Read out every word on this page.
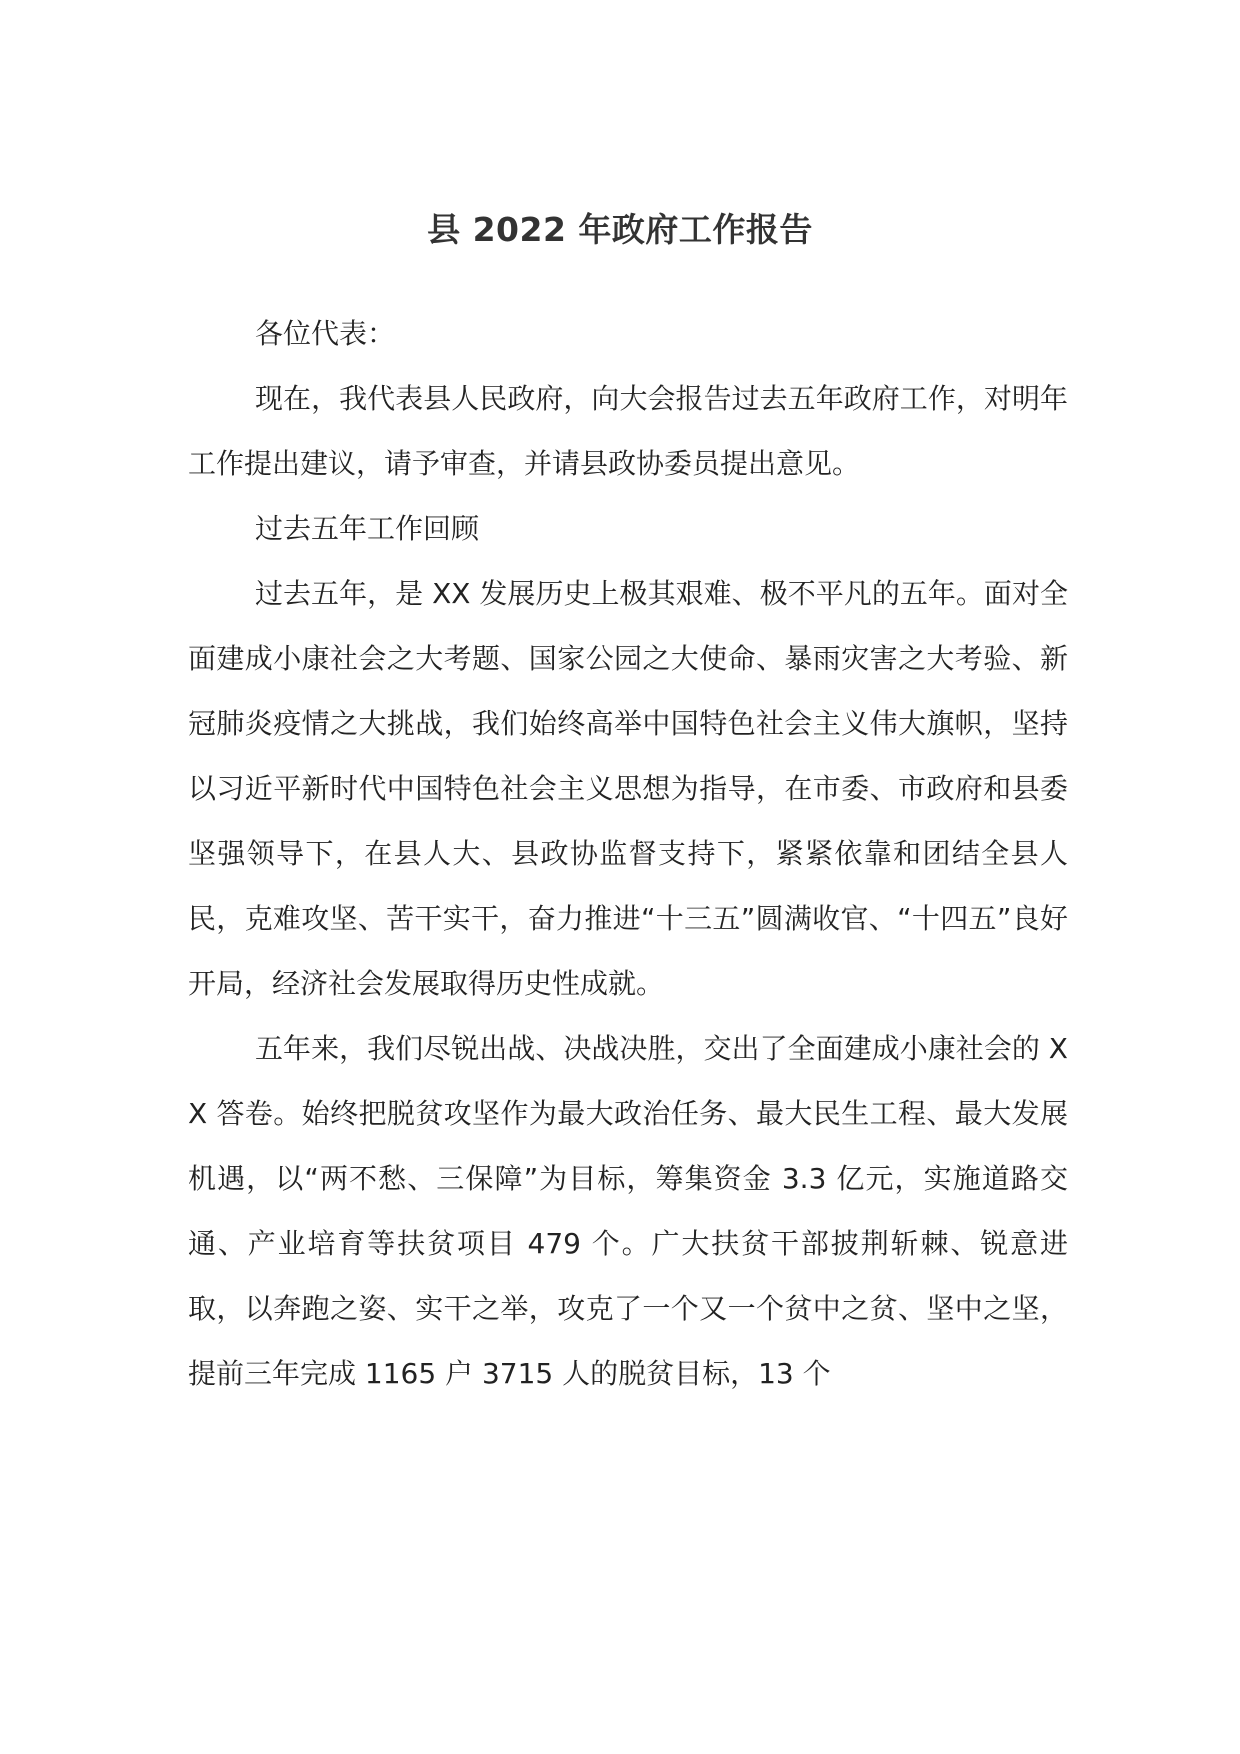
县 2022 年政府工作报告

各位代表：

现在，我代表县人民政府，向大会报告过去五年政府工作，对明年工作提出建议，请予审查，并请县政协委员提出意见。

过去五年工作回顾

过去五年，是 XX 发展历史上极其艰难、极不平凡的五年。面对全面建成小康社会之大考题、国家公园之大使命、暴雨灾害之大考验、新冠肺炎疫情之大挑战，我们始终高举中国特色社会主义伟大旗帜，坚持以习近平新时代中国特色社会主义思想为指导，在市委、市政府和县委坚强领导下，在县人大、县政协监督支持下，紧紧依靠和团结全县人民，克难攻坚、苦干实干，奋力推进“十三五”圆满收官、“十四五”良好开局，经济社会发展取得历史性成就。

五年来，我们尽锐出战、决战决胜，交出了全面建成小康社会的 XX 答卷。始终把脱贫攻坚作为最大政治任务、最大民生工程、最大发展机遇，以“两不愁、三保障”为目标，筹集资金 3.3 亿元，实施道路交通、产业培育等扶贫项目 479 个。广大扶贫干部披荆斩棘、锐意进取，以奔跑之姿、实干之举，攻克了一个又一个贫中之贫、坚中之坚，提前三年完成 1165 户 3715 人的脱贫目标，13 个
